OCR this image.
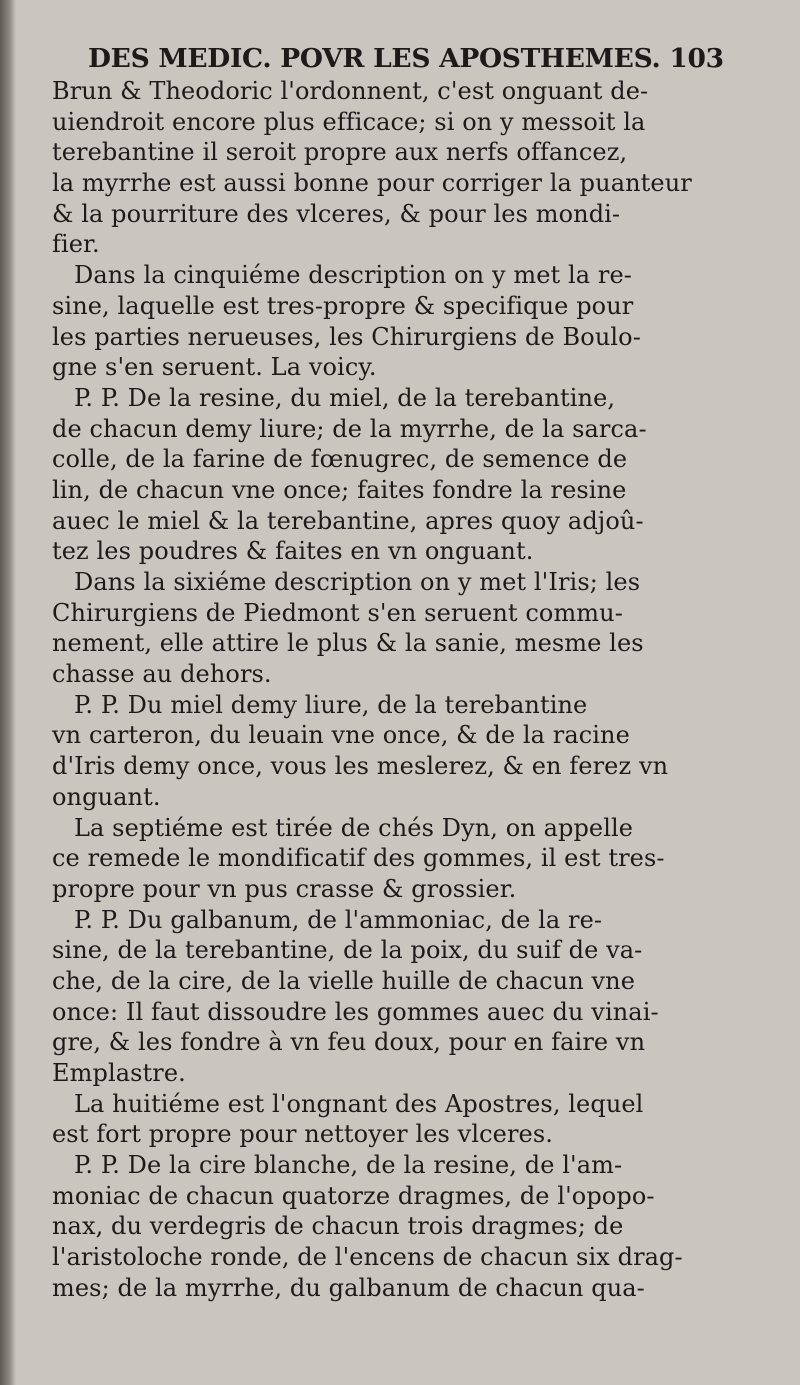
DES MEDIC. POVR LES APOSTHEMES. 103
Brun & Theodoric l'ordonnent, c'est onguant de-
uiendroit encore plus efficace; si on y messoit la
terebantine il seroit propre aux nerfs offancez,
la myrrhe est aussi bonne pour corriger la puanteur
& la pourriture des vlceres, & pour les mondi-
fier.
Dans la cinquiéme description on y met la re-
sine, laquelle est tres-propre & specifique pour
les parties nerueuses, les Chirurgiens de Boulo-
gne s'en seruent. La voicy.
P. P. De la resine, du miel, de la terebantine,
de chacun demy liure; de la myrrhe, de la sarca-
colle, de la farine de fœnugrec, de semence de
lin, de chacun vne once; faites fondre la resine
auec le miel & la terebantine, apres quoy adjoû-
tez les poudres & faites en vn onguant.
Dans la sixiéme description on y met l'Iris; les
Chirurgiens de Piedmont s'en seruent commu-
nement, elle attire le plus & la sanie, mesme les
chasse au dehors.
P. P. Du miel demy liure, de la terebantine
vn carteron, du leuain vne once, & de la racine
d'Iris demy once, vous les meslerez, & en ferez vn
onguant.
La septiéme est tirée de chés Dyn, on appelle
ce remede le mondificatif des gommes, il est tres-
propre pour vn pus crasse & grossier.
P. P. Du galbanum, de l'ammoniac, de la re-
sine, de la terebantine, de la poix, du suif de va-
che, de la cire, de la vielle huille de chacun vne
once: Il faut dissoudre les gommes auec du vinai-
gre, & les fondre à vn feu doux, pour en faire vn
Emplastre.
La huitiéme est l'ongnant des Apostres, lequel
est fort propre pour nettoyer les vlceres.
P. P. De la cire blanche, de la resine, de l'am-
moniac de chacun quatorze dragmes, de l'opopo-
nax, du verdegris de chacun trois dragmes; de
l'aristoloche ronde, de l'encens de chacun six drag-
mes; de la myrrhe, du galbanum de chacun qua-
